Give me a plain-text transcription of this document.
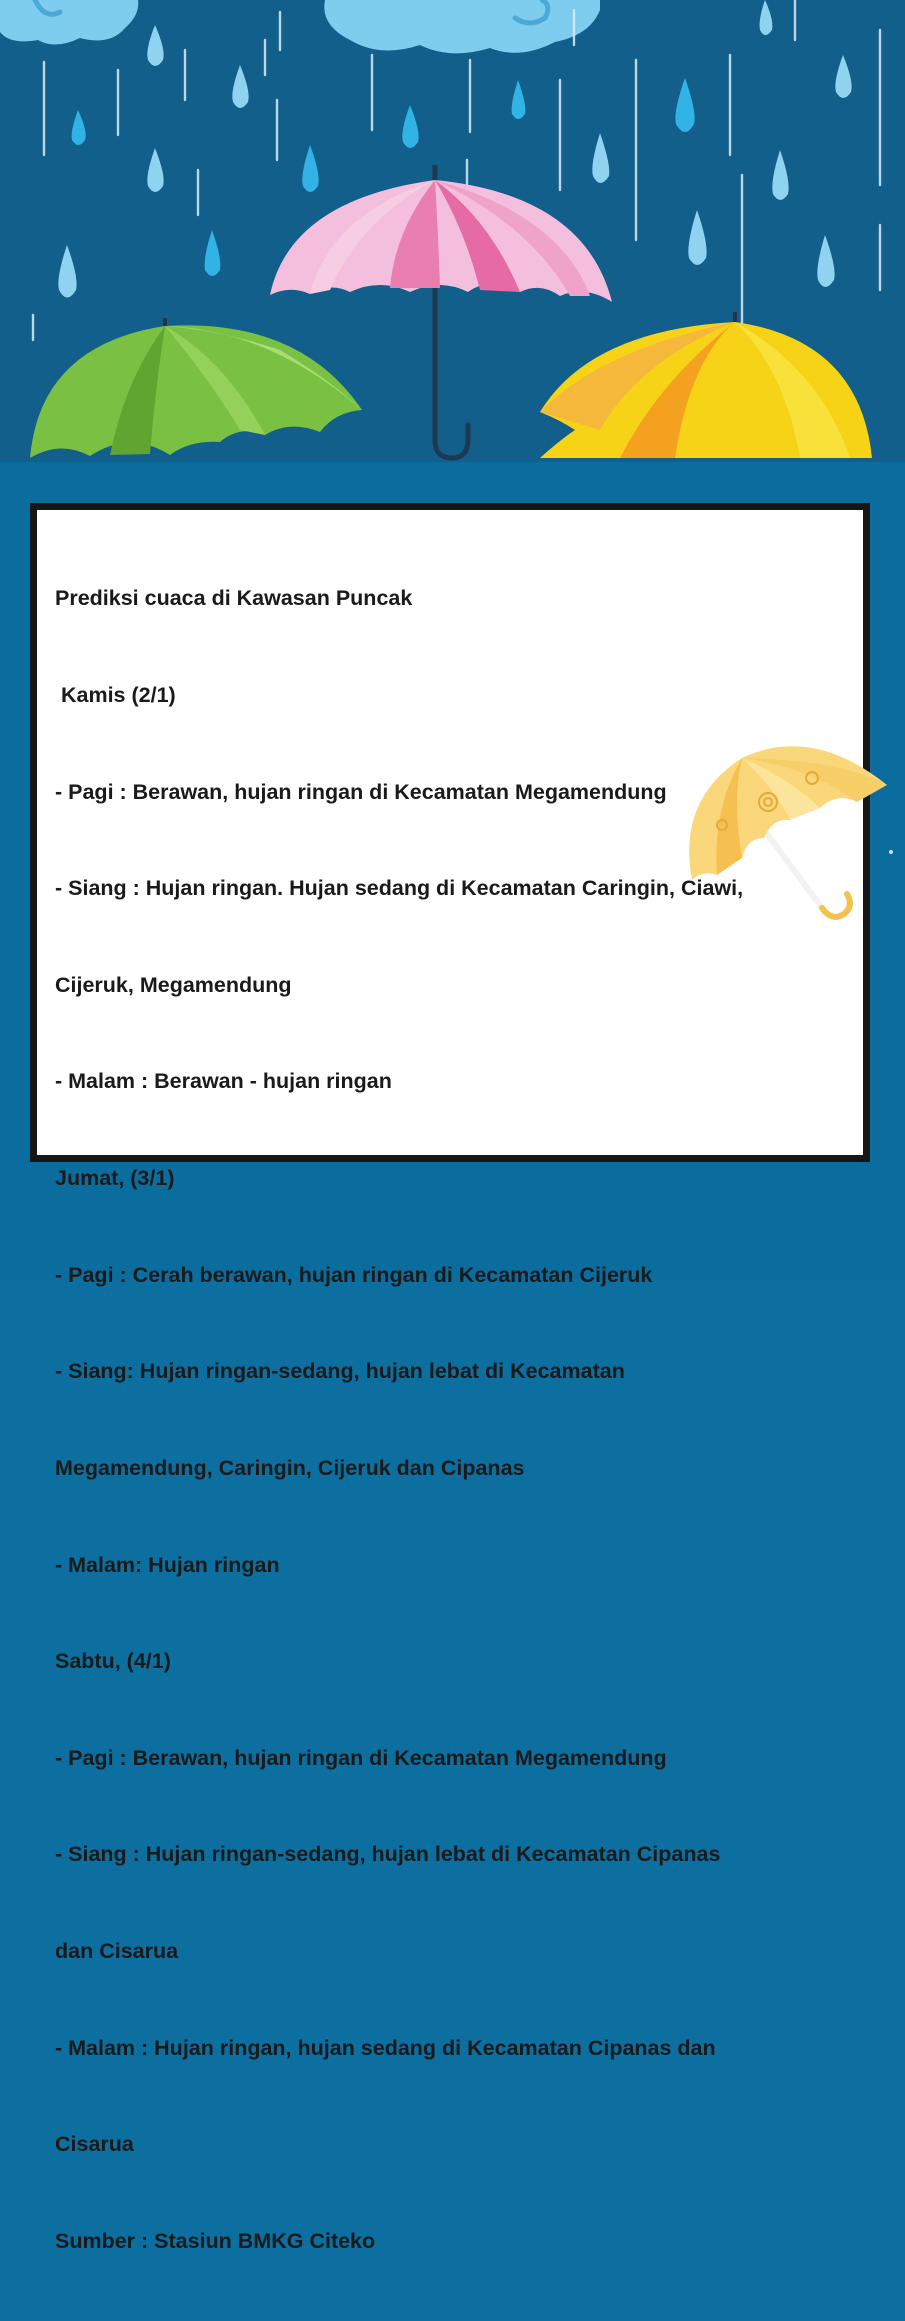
Prediksi cuaca di Kawasan Puncak

Kamis (2/1)

- Pagi : Berawan, hujan ringan di Kecamatan Megamendung

- Siang : Hujan ringan. Hujan sedang di Kecamatan Caringin, Ciawi,

Cijeruk, Megamendung

- Malam : Berawan - hujan ringan

Jumat, (3/1)

- Pagi : Cerah berawan, hujan ringan di Kecamatan Cijeruk

- Siang: Hujan ringan-sedang, hujan lebat di Kecamatan

Megamendung, Caringin, Cijeruk dan Cipanas

- Malam: Hujan ringan

Sabtu, (4/1)

- Pagi : Berawan, hujan ringan di Kecamatan Megamendung

- Siang : Hujan ringan-sedang, hujan lebat di Kecamatan Cipanas

dan Cisarua

- Malam : Hujan ringan, hujan sedang di Kecamatan Cipanas dan

Cisarua

Sumber : Stasiun BMKG Citeko
